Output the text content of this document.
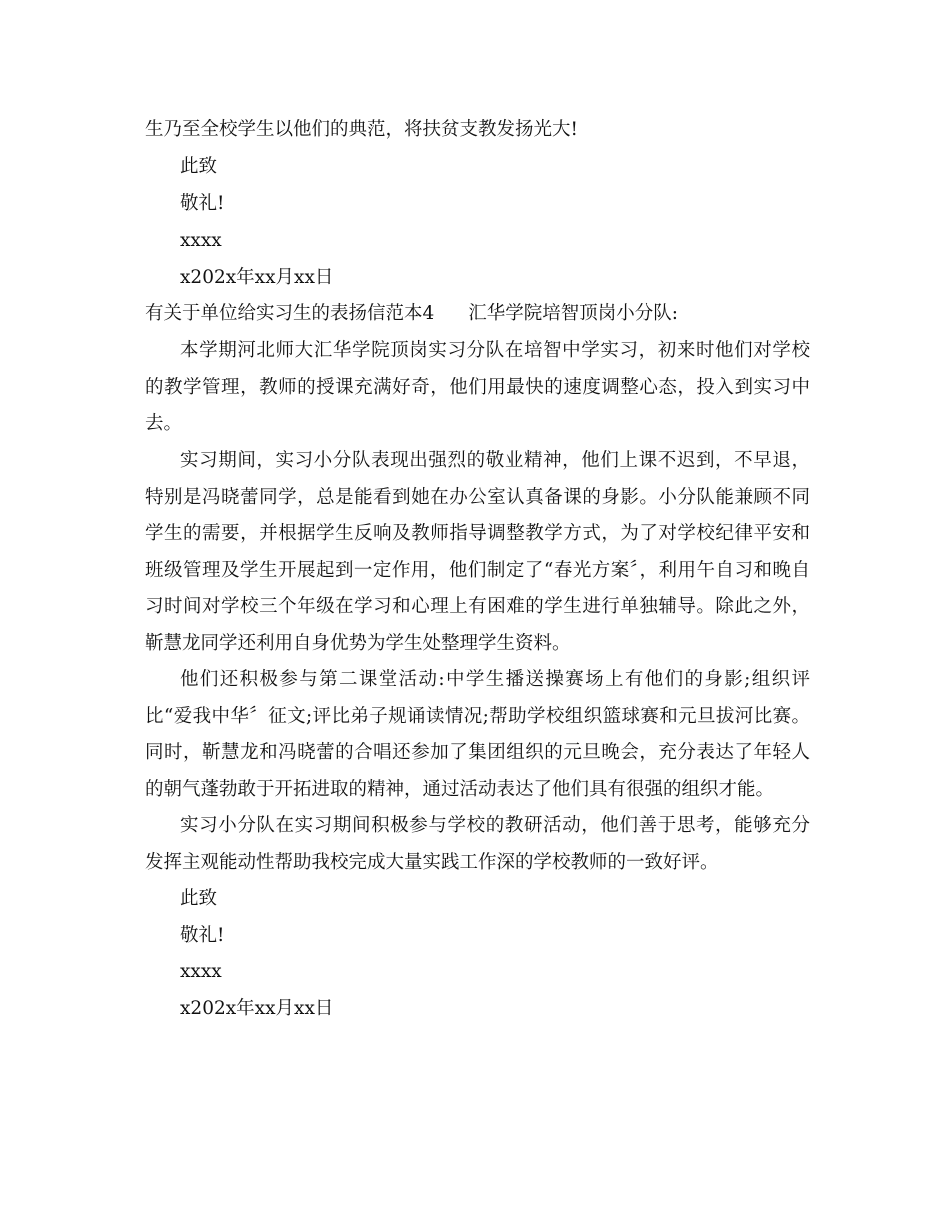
生乃至全校学生以他们的典范，将扶贫支教发扬光大!
此致
敬礼!
xxxx
x202x年xx月xx日
有关于单位给实习生的表扬信范本4 汇华学院培智顶岗小分队:
本学期河北师大汇华学院顶岗实习分队在培智中学实习，初来时他们对学校
的教学管理，教师的授课充满好奇，他们用最快的速度调整心态，投入到实习中
去。
实习期间，实习小分队表现出强烈的敬业精神，他们上课不迟到，不早退，
特别是冯晓蕾同学，总是能看到她在办公室认真备课的身影。小分队能兼顾不同
学生的需要，并根据学生反响及教师指导调整教学方式，为了对学校纪律平安和
班级管理及学生开展起到一定作用，他们制定了“春光方案〞，利用午自习和晚自
习时间对学校三个年级在学习和心理上有困难的学生进行单独辅导。除此之外，
靳慧龙同学还利用自身优势为学生处整理学生资料。
他们还积极参与第二课堂活动:中学生播送操赛场上有他们的身影;组织评
比“爱我中华〞征文;评比弟子规诵读情况;帮助学校组织篮球赛和元旦拔河比赛。
同时，靳慧龙和冯晓蕾的合唱还参加了集团组织的元旦晚会，充分表达了年轻人
的朝气蓬勃敢于开拓进取的精神，通过活动表达了他们具有很强的组织才能。
实习小分队在实习期间积极参与学校的教研活动，他们善于思考，能够充分
发挥主观能动性帮助我校完成大量实践工作深的学校教师的一致好评。
此致
敬礼!
xxxx
x202x年xx月xx日
